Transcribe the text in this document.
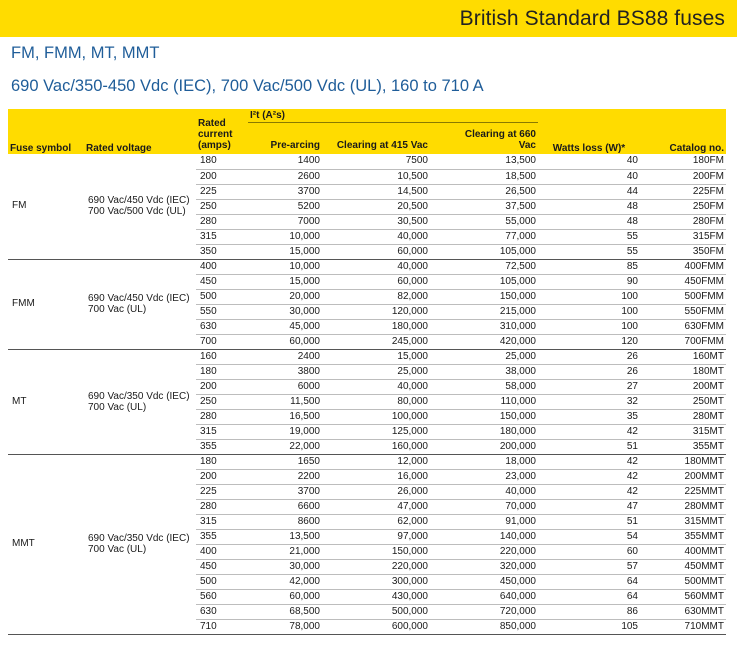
British Standard BS88 fuses
FM, FMM, MT, MMT
690 Vac/350-450 Vdc (IEC), 700 Vac/500 Vdc (UL), 160 to 710 A
Fuse symbol	Rated voltage	Rated current (amps)	I²t (A²s)			Watts loss (W)*	Catalog no.
			Pre-arcing	Clearing at 415 Vac	Clearing at 660 Vac		
FM	690 Vac/450 Vdc (IEC) 700 Vac/500 Vdc (UL)	180	1400	7500	13,500	40	180FM
		200	2600	10,500	18,500	40	200FM
		225	3700	14,500	26,500	44	225FM
		250	5200	20,500	37,500	48	250FM
		280	7000	30,500	55,000	48	280FM
		315	10,000	40,000	77,000	55	315FM
		350	15,000	60,000	105,000	55	350FM
FMM	690 Vac/450 Vdc (IEC) 700 Vac (UL)	400	10,000	40,000	72,500	85	400FMM
		450	15,000	60,000	105,000	90	450FMM
		500	20,000	82,000	150,000	100	500FMM
		550	30,000	120,000	215,000	100	550FMM
		630	45,000	180,000	310,000	100	630FMM
		700	60,000	245,000	420,000	120	700FMM
MT	690 Vac/350 Vdc (IEC) 700 Vac (UL)	160	2400	15,000	25,000	26	160MT
		180	3800	25,000	38,000	26	180MT
		200	6000	40,000	58,000	27	200MT
		250	11,500	80,000	110,000	32	250MT
		280	16,500	100,000	150,000	35	280MT
		315	19,000	125,000	180,000	42	315MT
		355	22,000	160,000	200,000	51	355MT
MMT	690 Vac/350 Vdc (IEC) 700 Vac (UL)	180	1650	12,000	18,000	42	180MMT
		200	2200	16,000	23,000	42	200MMT
		225	3700	26,000	40,000	42	225MMT
		280	6600	47,000	70,000	47	280MMT
		315	8600	62,000	91,000	51	315MMT
		355	13,500	97,000	140,000	54	355MMT
		400	21,000	150,000	220,000	60	400MMT
		450	30,000	220,000	320,000	57	450MMT
		500	42,000	300,000	450,000	64	500MMT
		560	60,000	430,000	640,000	64	560MMT
		630	68,500	500,000	720,000	86	630MMT
		710	78,000	600,000	850,000	105	710MMT
